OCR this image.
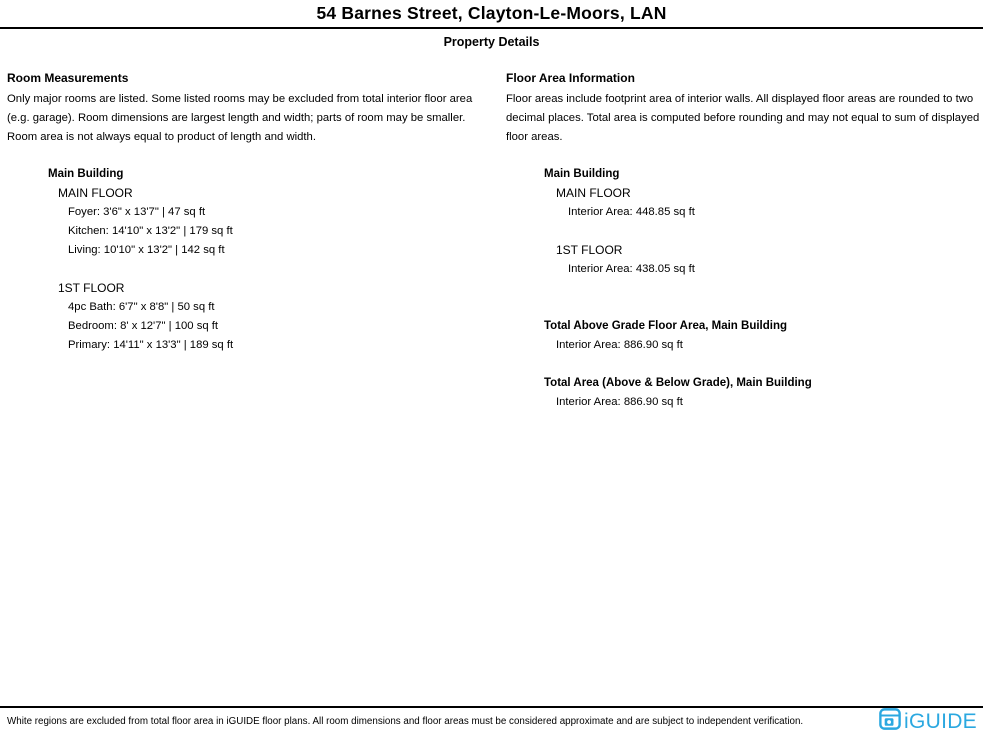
54 Barnes Street, Clayton-Le-Moors, LAN
Property Details
Room Measurements
Only major rooms are listed. Some listed rooms may be excluded from total interior floor area
(e.g. garage). Room dimensions are largest length and width; parts of room may be smaller.
Room area is not always equal to product of length and width.
Main Building
MAIN FLOOR
Foyer: 3'6" x 13'7" | 47 sq ft
Kitchen: 14'10" x 13'2" | 179 sq ft
Living: 10'10" x 13'2" | 142 sq ft
1ST FLOOR
4pc Bath: 6'7" x 8'8" | 50 sq ft
Bedroom: 8' x 12'7" | 100 sq ft
Primary: 14'11" x 13'3" | 189 sq ft
Floor Area Information
Floor areas include footprint area of interior walls. All displayed floor areas are rounded to two
decimal places. Total area is computed before rounding and may not equal to sum of displayed
floor areas.
Main Building
MAIN FLOOR
Interior Area: 448.85 sq ft
1ST FLOOR
Interior Area: 438.05 sq ft
Total Above Grade Floor Area, Main Building
Interior Area: 886.90 sq ft
Total Area (Above & Below Grade), Main Building
Interior Area: 886.90 sq ft
White regions are excluded from total floor area in iGUIDE floor plans. All room dimensions and floor areas must be considered approximate and are subject to independent verification.	iGUIDE
